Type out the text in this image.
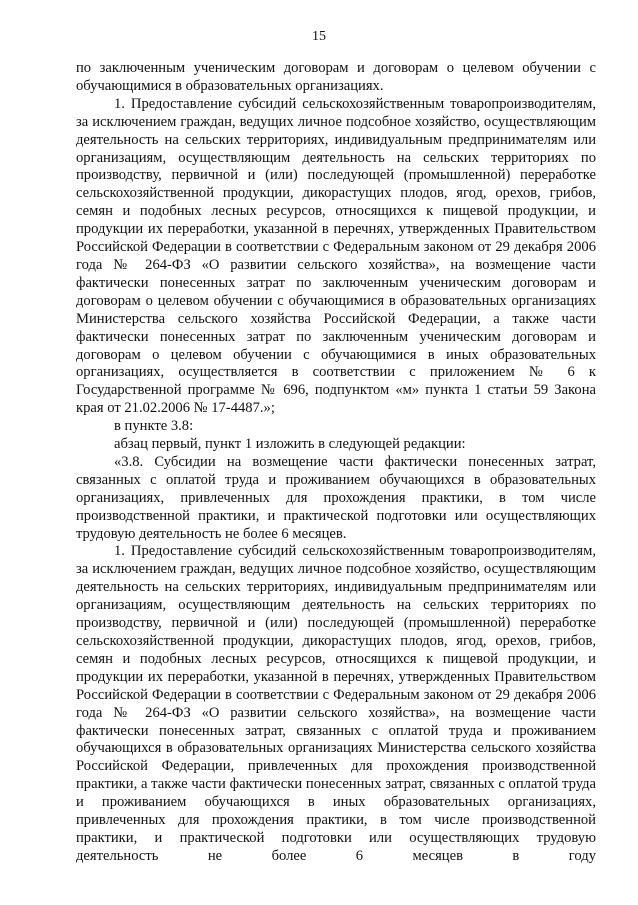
15

по заключенным ученическим договорам и договорам о целевом обучении с обучающимися в образовательных организациях.

1. Предоставление субсидий сельскохозяйственным товаропроизводителям, за исключением граждан, ведущих личное подсобное хозяйство, осуществляющим деятельность на сельских территориях, индивидуальным предпринимателям или организациям, осуществляющим деятельность на сельских территориях по производству, первичной и (или) последующей (промышленной) переработке сельскохозяйственной продукции, дикорастущих плодов, ягод, орехов, грибов, семян и подобных лесных ресурсов, относящихся к пищевой продукции, и продукции их переработки, указанной в перечнях, утвержденных Правительством Российской Федерации в соответствии с Федеральным законом от 29 декабря 2006 года № 264-ФЗ «О развитии сельского хозяйства», на возмещение части фактически понесенных затрат по заключенным ученическим договорам и договорам о целевом обучении с обучающимися в образовательных организациях Министерства сельского хозяйства Российской Федерации, а также части фактически понесенных затрат по заключенным ученическим договорам и договорам о целевом обучении с обучающимися в иных образовательных организациях, осуществляется в соответствии с приложением № 6 к Государственной программе № 696, подпунктом «м» пункта 1 статьи 59 Закона края от 21.02.2006 № 17-4487.»;

в пункте 3.8:

абзац первый, пункт 1 изложить в следующей редакции:

«3.8. Субсидии на возмещение части фактически понесенных затрат, связанных с оплатой труда и проживанием обучающихся в образовательных организациях, привлеченных для прохождения практики, в том числе производственной практики, и практической подготовки или осуществляющих трудовую деятельность не более 6 месяцев.

1. Предоставление субсидий сельскохозяйственным товаропроизводителям, за исключением граждан, ведущих личное подсобное хозяйство, осуществляющим деятельность на сельских территориях, индивидуальным предпринимателям или организациям, осуществляющим деятельность на сельских территориях по производству, первичной и (или) последующей (промышленной) переработке сельскохозяйственной продукции, дикорастущих плодов, ягод, орехов, грибов, семян и подобных лесных ресурсов, относящихся к пищевой продукции, и продукции их переработки, указанной в перечнях, утвержденных Правительством Российской Федерации в соответствии с Федеральным законом от 29 декабря 2006 года № 264-ФЗ «О развитии сельского хозяйства», на возмещение части фактически понесенных затрат, связанных с оплатой труда и проживанием обучающихся в образовательных организациях Министерства сельского хозяйства Российской Федерации, привлеченных для прохождения производственной практики, а также части фактически понесенных затрат, связанных с оплатой труда и проживанием обучающихся в иных образовательных организациях, привлеченных для прохождения практики, в том числе производственной практики, и практической подготовки или осуществляющих трудовую деятельность не более 6 месяцев в году
